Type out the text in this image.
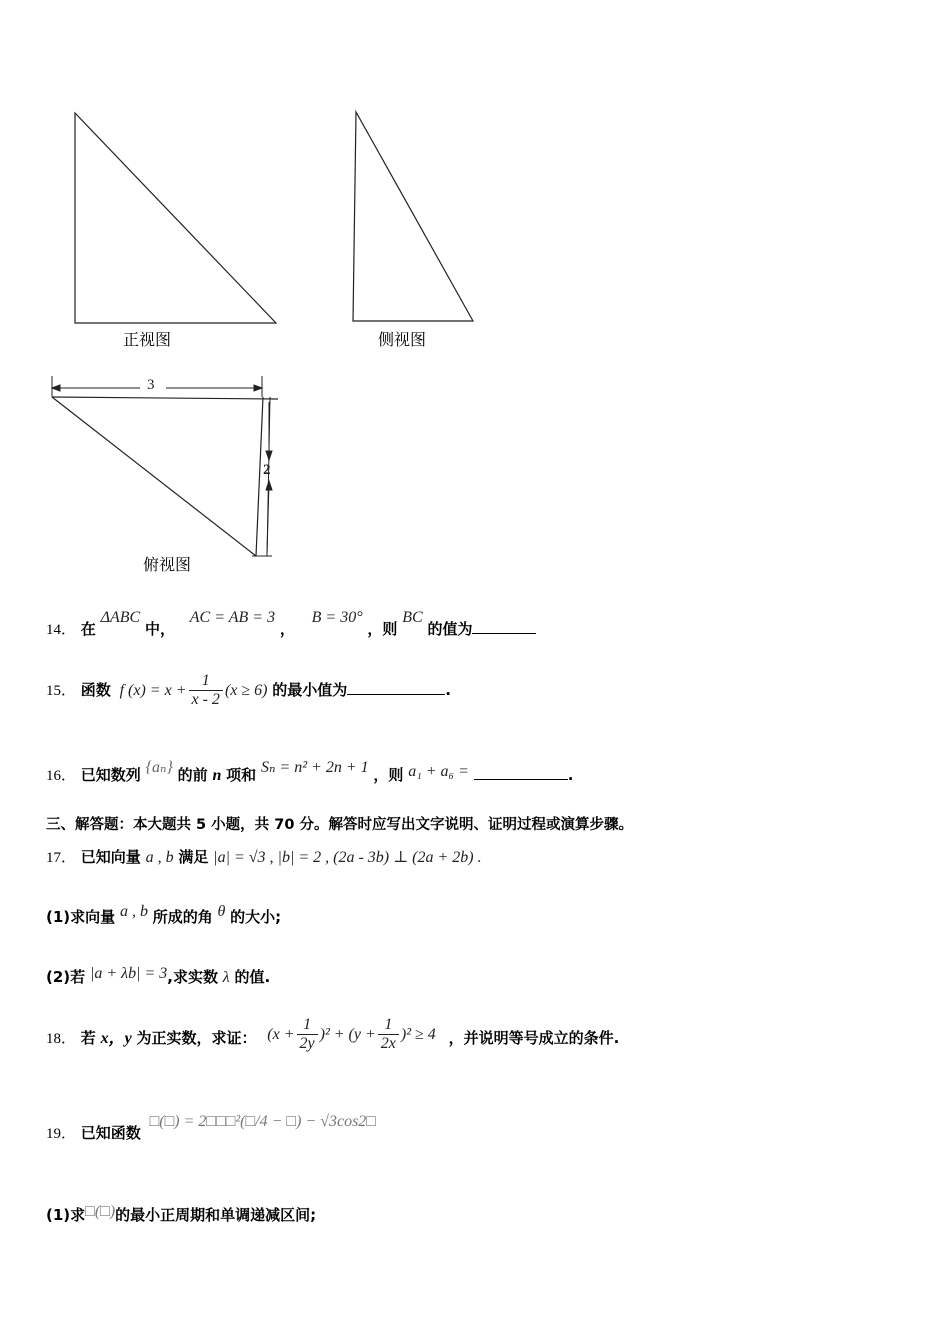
正视图	侧视图
俯视图
3
2
14． 在 ΔABC 中， AC = AB = 3 ， B = 30° ，则 BC 的值为
15． 函数 f $(x) = x + \frac{1}{x - 2} (x \ge 6)$ 的最小值为	.
16． 已知数列 {aₙ} 的前 n 项和 Sₙ = n² + 2n + 1 ，则 a₁ + a₆ =	.
三、解答题：本大题共 5 小题，共 70 分。解答时应写出文字说明、证明过程或演算步骤。
17． 已知向量 a , b 满足 |a| = √3 , |b| = 2 , (2a - 3b) ⊥ (2a + 2b) .
(1)求向量 a , b 所成的角 θ 的大小;
(2)若 |a + λb| = 3,求实数 λ 的值.
18． 若 x，y 为正实数，求证： $(x + \frac{1}{2y} )^2 + (y + \frac{1}{2x} )^2 \ge 4$ ，并说明等号成立的条件.
19． 已知函数 □(□) = 2□□□²(□/4 − □) − √3cos2□
(1)求□(□)的最小正周期和单调递减区间;
